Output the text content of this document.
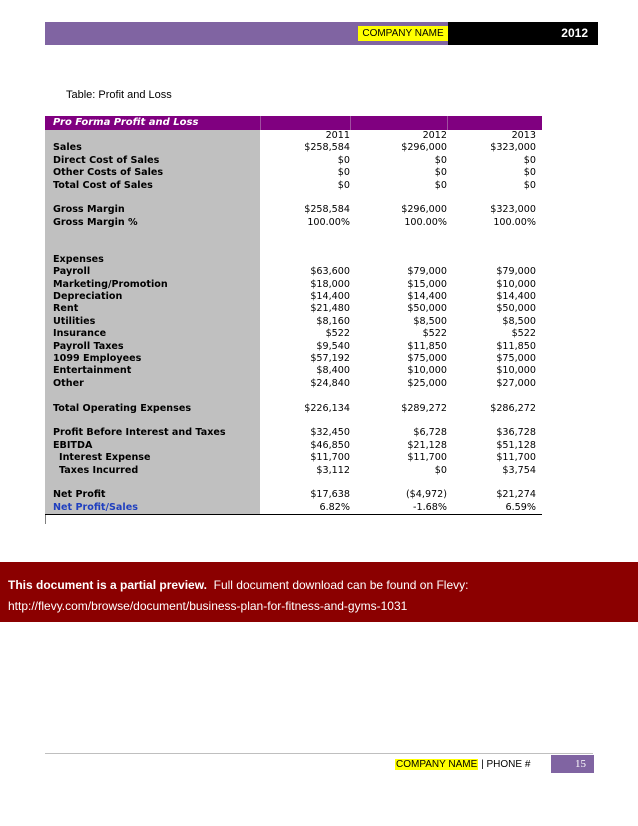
COMPANY NAME	2012
Table: Profit and Loss
Pro Forma Profit and Loss
2011	2012	2013
Sales	$258,584	$296,000	$323,000
Direct Cost of Sales	$0	$0	$0
Other Costs of Sales	$0	$0	$0
Total Cost of Sales	$0	$0	$0
Gross Margin	$258,584	$296,000	$323,000
Gross Margin %	100.00%	100.00%	100.00%
Expenses
Payroll	$63,600	$79,000	$79,000
Marketing/Promotion	$18,000	$15,000	$10,000
Depreciation	$14,400	$14,400	$14,400
Rent	$21,480	$50,000	$50,000
Utilities	$8,160	$8,500	$8,500
Insurance	$522	$522	$522
Payroll Taxes	$9,540	$11,850	$11,850
1099 Employees	$57,192	$75,000	$75,000
Entertainment	$8,400	$10,000	$10,000
Other	$24,840	$25,000	$27,000
Total Operating Expenses	$226,134	$289,272	$286,272
Profit Before Interest and Taxes	$32,450	$6,728	$36,728
EBITDA	$46,850	$21,128	$51,128
Interest Expense	$11,700	$11,700	$11,700
Taxes Incurred	$3,112	$0	$3,754
Net Profit	$17,638	($4,972)	$21,274
Net Profit/Sales	6.82%	-1.68%	6.59%
This document is a partial preview. Full document download can be found on Flevy:
http://flevy.com/browse/document/business-plan-for-fitness-and-gyms-1031
COMPANY NAME | PHONE #	15
